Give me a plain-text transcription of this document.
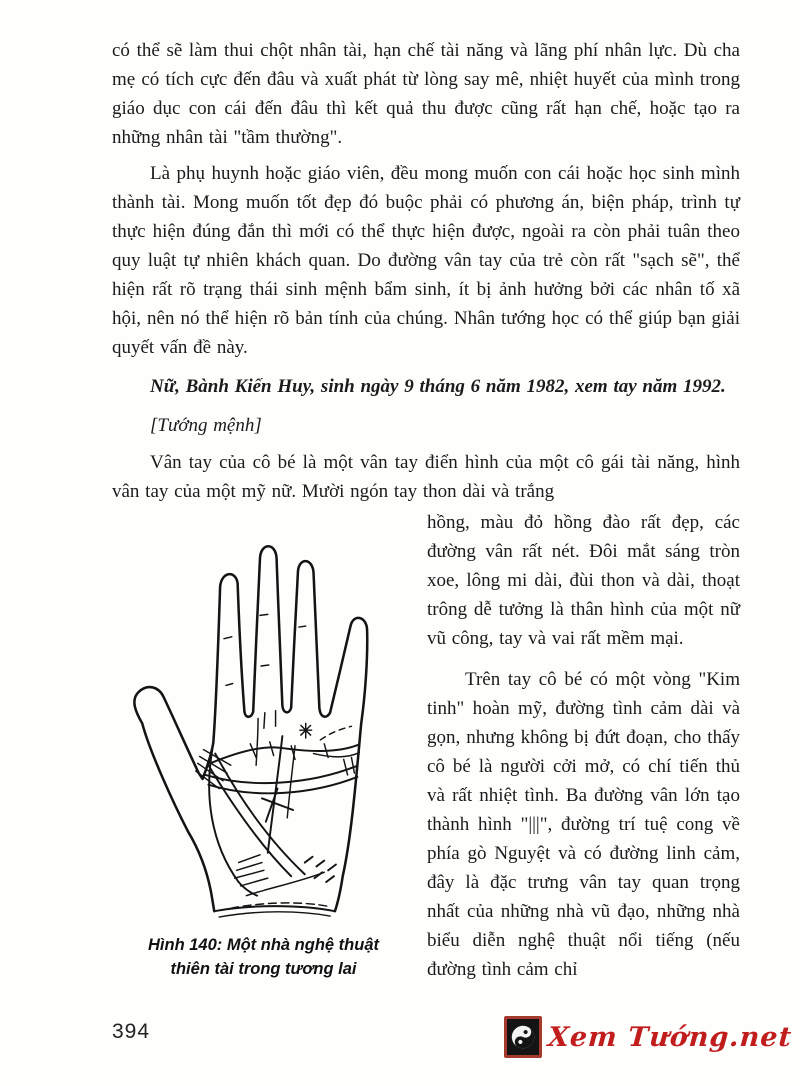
có thể sẽ làm thui chột nhân tài, hạn chế tài năng và lãng phí nhân lực. Dù cha mẹ có tích cực đến đâu và xuất phát từ lòng say mê, nhiệt huyết của mình trong giáo dục con cái đến đâu thì kết quả thu được cũng rất hạn chế, hoặc tạo ra những nhân tài "tầm thường".

Là phụ huynh hoặc giáo viên, đều mong muốn con cái hoặc học sinh mình thành tài. Mong muốn tốt đẹp đó buộc phải có phương án, biện pháp, trình tự thực hiện đúng đắn thì mới có thể thực hiện được, ngoài ra còn phải tuân theo quy luật tự nhiên khách quan. Do đường vân tay của trẻ còn rất "sạch sẽ", thể hiện rất rõ trạng thái sinh mệnh bẩm sinh, ít bị ảnh hưởng bởi các nhân tố xã hội, nên nó thể hiện rõ bản tính của chúng. Nhân tướng học có thể giúp bạn giải quyết vấn đề này.

Nữ, Bành Kiến Huy, sinh ngày 9 tháng 6 năm 1982, xem tay năm 1992.

[Tướng mệnh]

Vân tay của cô bé là một vân tay điển hình của một cô gái tài năng, hình vân tay của một mỹ nữ. Mười ngón tay thon dài và trắng

Hình 140: Một nhà nghệ thuật
thiên tài trong tương lai

hồng, màu đỏ hồng đào rất đẹp, các đường vân rất nét. Đôi mắt sáng tròn xoe, lông mi dài, đùi thon và dài, thoạt trông dễ tưởng là thân hình của một nữ vũ công, tay và vai rất mềm mại.

Trên tay cô bé có một vòng "Kim tinh" hoàn mỹ, đường tình cảm dài và gọn, nhưng không bị đứt đoạn, cho thấy cô bé là người cởi mở, có chí tiến thủ và rất nhiệt tình. Ba đường vân lớn tạo thành hình "|||", đường trí tuệ cong về phía gò Nguyệt và có đường linh cảm, đây là đặc trưng vân tay quan trọng nhất của những nhà vũ đạo, những nhà biểu diễn nghệ thuật nổi tiếng (nếu đường tình cảm chỉ

394	Xem Tướng.net
